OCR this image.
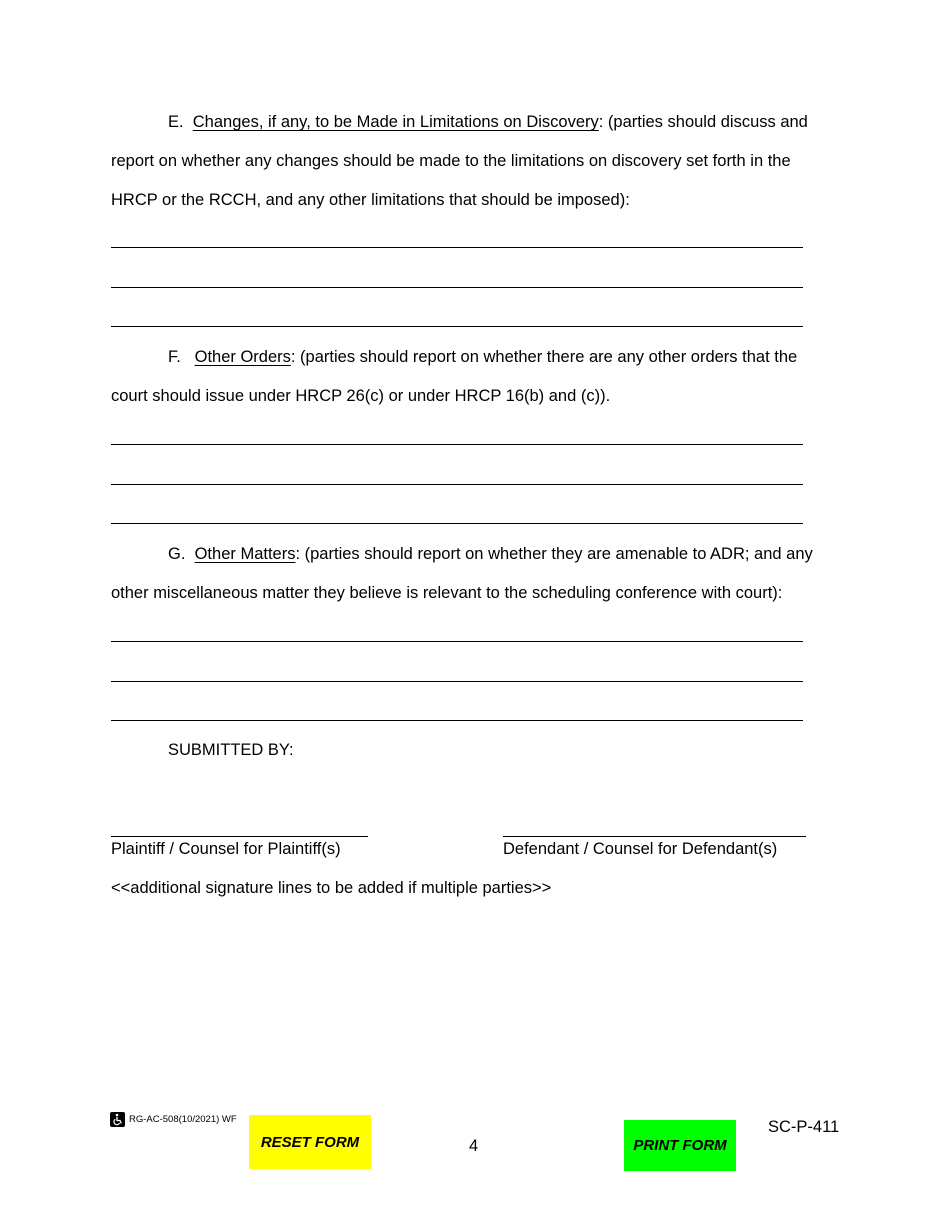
E. Changes, if any, to be Made in Limitations on Discovery: (parties should discuss and
report on whether any changes should be made to the limitations on discovery set forth in the
HRCP or the RCCH, and any other limitations that should be imposed):
F. Other Orders: (parties should report on whether there are any other orders that the
court should issue under HRCP 26(c) or under HRCP 16(b) and (c)).
G. Other Matters: (parties should report on whether they are amenable to ADR; and any
other miscellaneous matter they believe is relevant to the scheduling conference with court):
SUBMITTED BY:
Plaintiff / Counsel for Plaintiff(s)	Defendant / Counsel for Defendant(s)
<<additional signature lines to be added if multiple parties>>
RG-AC-508(10/2021) WF
RESET FORM	4	PRINT FORM
SC-P-411
